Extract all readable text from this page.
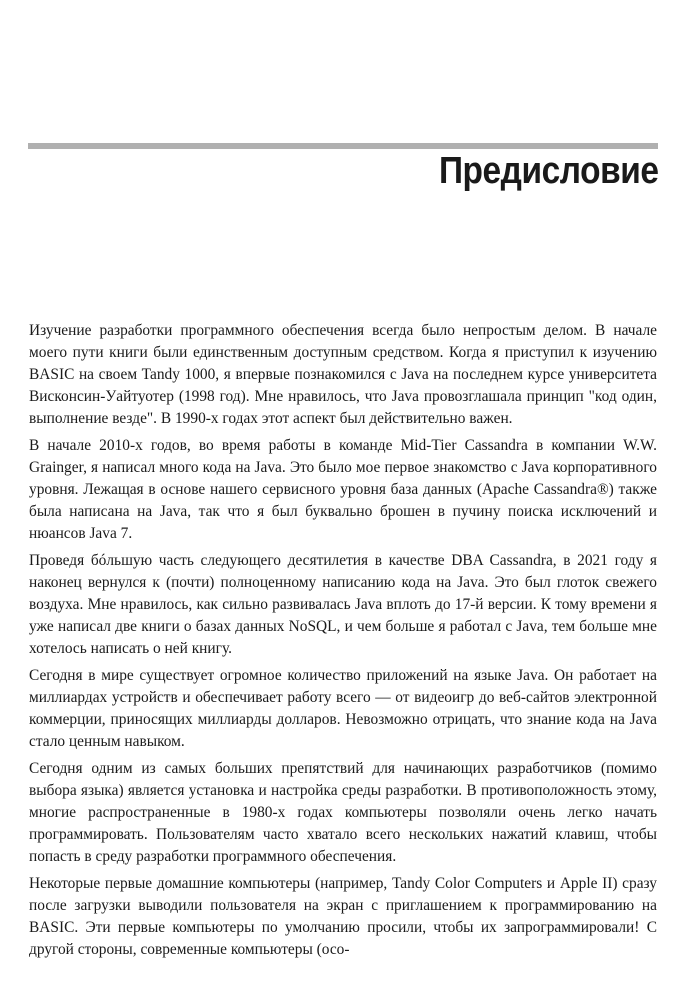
Предисловие

Изучение разработки программного обеспечения всегда было непростым делом. В начале моего пути книги были единственным доступным средством. Когда я приступил к изучению BASIC на своем Tandy 1000, я впервые познакомился с Java на последнем курсе университета Висконсин-Уайтуотер (1998 год). Мне нравилось, что Java провозглашала принцип "код один, выполнение везде". В 1990-х годах этот аспект был действительно важен.

В начале 2010-х годов, во время работы в команде Mid-Tier Cassandra в компании W.W. Grainger, я написал много кода на Java. Это было мое первое знакомство с Java корпоративного уровня. Лежащая в основе нашего сервисного уровня база данных (Apache Cassandra®) также была написана на Java, так что я был буквально брошен в пучину поиска исключений и нюансов Java 7.

Проведя бóльшую часть следующего десятилетия в качестве DBA Cassandra, в 2021 году я наконец вернулся к (почти) полноценному написанию кода на Java. Это был глоток свежего воздуха. Мне нравилось, как сильно развивалась Java вплоть до 17-й версии. К тому времени я уже написал две книги о базах данных NoSQL, и чем больше я работал с Java, тем больше мне хотелось написать о ней книгу.

Сегодня в мире существует огромное количество приложений на языке Java. Он работает на миллиардах устройств и обеспечивает работу всего — от видеоигр до веб-сайтов электронной коммерции, приносящих миллиарды долларов. Невозможно отрицать, что знание кода на Java стало ценным навыком.

Сегодня одним из самых больших препятствий для начинающих разработчиков (помимо выбора языка) является установка и настройка среды разработки. В противоположность этому, многие распространенные в 1980-х годах компьютеры позволяли очень легко начать программировать. Пользователям часто хватало всего нескольких нажатий клавиш, чтобы попасть в среду разработки программного обеспечения.

Некоторые первые домашние компьютеры (например, Tandy Color Computers и Apple II) сразу после загрузки выводили пользователя на экран с приглашением к программированию на BASIC. Эти первые компьютеры по умолчанию просили, чтобы их запрограммировали! С другой стороны, современные компьютеры (осо-
